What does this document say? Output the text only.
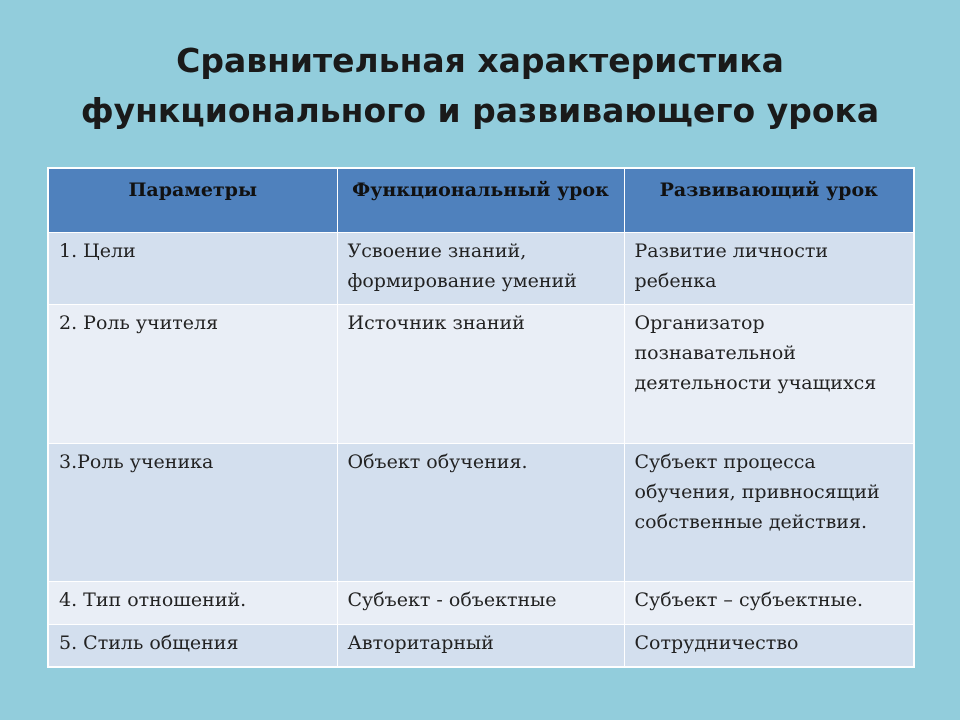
Сравнительная характеристика
функционального и развивающего урока
Параметры	Функциональный урок	Развивающий урок
1. Цели	Усвоение знаний, формирование умений	Развитие личности ребенка
2. Роль учителя	Источник знаний	Организатор познавательной деятельности учащихся
3.Роль ученика	Объект обучения.	Субъект процесса обучения, привносящий собственные действия.
4. Тип отношений.	Субъект - объектные	Субъект – субъектные.
5. Стиль общения	Авторитарный	Сотрудничество
